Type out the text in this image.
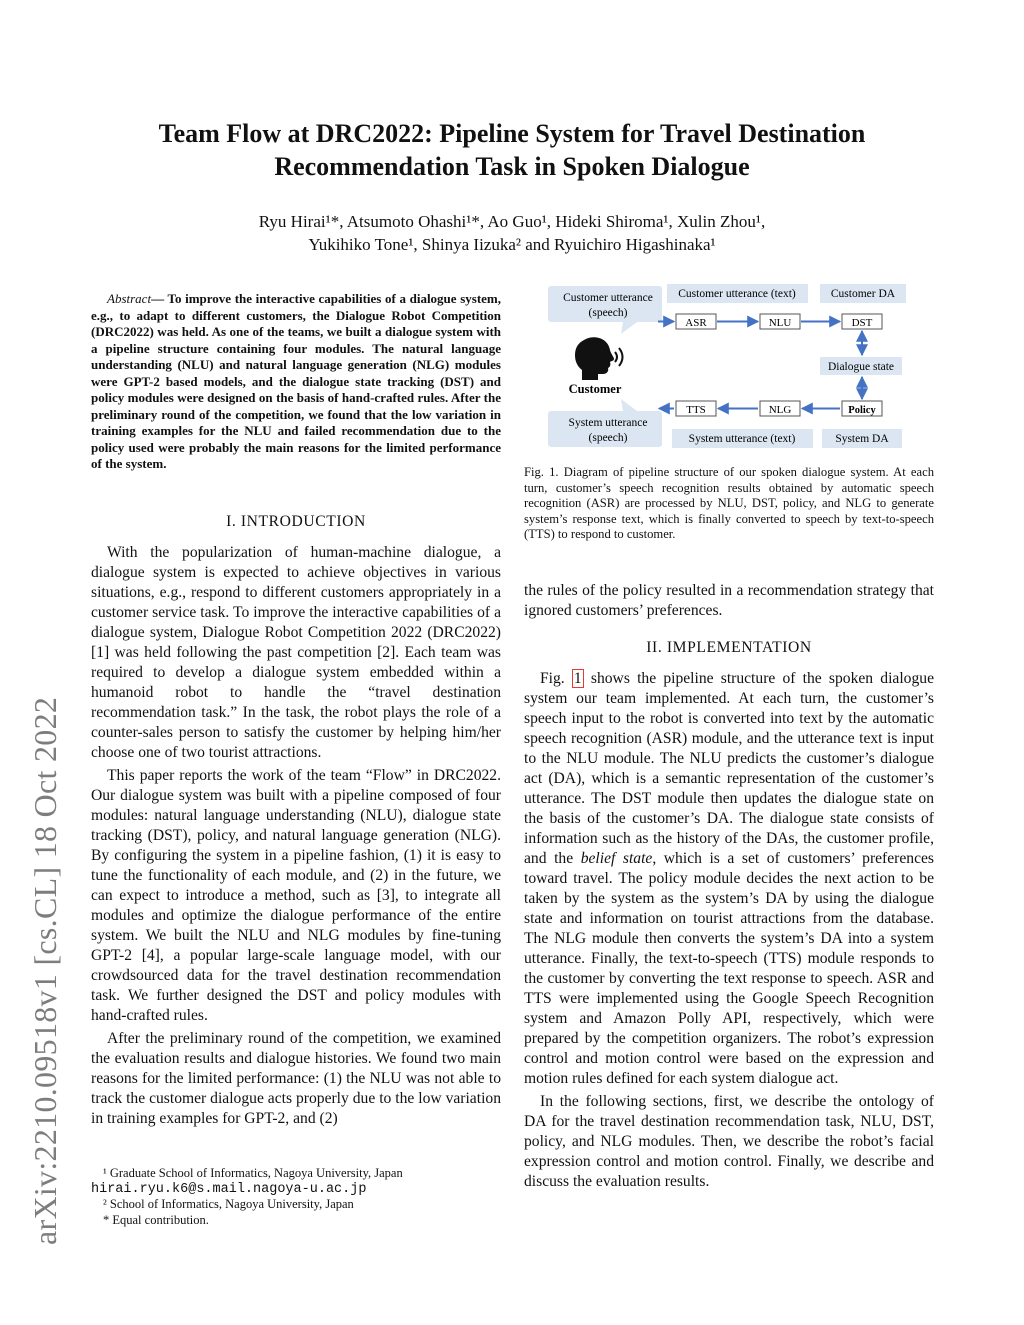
arXiv:2210.09518v1 [cs.CL] 18 Oct 2022
Team Flow at DRC2022: Pipeline System for Travel Destination
Recommendation Task in Spoken Dialogue
Ryu Hirai¹*, Atsumoto Ohashi¹*, Ao Guo¹, Hideki Shiroma¹, Xulin Zhou¹,
Yukihiko Tone¹, Shinya Iizuka² and Ryuichiro Higashinaka¹
Abstract— To improve the interactive capabilities of a dialogue system, e.g., to adapt to different customers, the Dialogue Robot Competition (DRC2022) was held. As one of the teams, we built a dialogue system with a pipeline structure containing four modules. The natural language understanding (NLU) and natural language generation (NLG) modules were GPT-2 based models, and the dialogue state tracking (DST) and policy modules were designed on the basis of hand-crafted rules. After the preliminary round of the competition, we found that the low variation in training examples for the NLU and failed recommendation due to the policy used were probably the main reasons for the limited performance of the system.
I. INTRODUCTION

With the popularization of human-machine dialogue, a dialogue system is expected to achieve objectives in various situations, e.g., respond to different customers appropriately in a customer service task. To improve the interactive capabilities of a dialogue system, Dialogue Robot Competition 2022 (DRC2022) [1] was held following the past competition [2]. Each team was required to develop a dialogue system embedded within a humanoid robot to handle the “travel destination recommendation task.” In the task, the robot plays the role of a counter-sales person to satisfy the customer by helping him/her choose one of two tourist attractions.

This paper reports the work of the team “Flow” in DRC2022. Our dialogue system was built with a pipeline composed of four modules: natural language understanding (NLU), dialogue state tracking (DST), policy, and natural language generation (NLG). By configuring the system in a pipeline fashion, (1) it is easy to tune the functionality of each module, and (2) in the future, we can expect to introduce a method, such as [3], to integrate all modules and optimize the dialogue performance of the entire system. We built the NLU and NLG modules by fine-tuning GPT-2 [4], a popular large-scale language model, with our crowdsourced data for the travel destination recommendation task. We further designed the DST and policy modules with hand-crafted rules.

After the preliminary round of the competition, we examined the evaluation results and dialogue histories. We found two main reasons for the limited performance: (1) the NLU was not able to track the customer dialogue acts properly due to the low variation in training examples for GPT-2, and (2)

¹ Graduate School of Informatics, Nagoya University, Japan
hirai.ryu.k6@s.mail.nagoya-u.ac.jp
² School of Informatics, Nagoya University, Japan
* Equal contribution.
Customer utterance
(speech)
Customer utterance (text)	Customer DA
ASR	NLU	DST
Dialogue state
Customer
TTS	NLG	Policy
System utterance
(speech)	System utterance (text)	System DA
Fig. 1. Diagram of pipeline structure of our spoken dialogue system. At each turn, customer’s speech recognition results obtained by automatic speech recognition (ASR) are processed by NLU, DST, policy, and NLG to generate system’s response text, which is finally converted to speech by text-to-speech (TTS) to respond to customer.

the rules of the policy resulted in a recommendation strategy that ignored customers’ preferences.

II. IMPLEMENTATION

Fig. 1 shows the pipeline structure of the spoken dialogue system our team implemented. At each turn, the customer’s speech input to the robot is converted into text by the automatic speech recognition (ASR) module, and the utterance text is input to the NLU module. The NLU predicts the customer’s dialogue act (DA), which is a semantic representation of the customer’s utterance. The DST module then updates the dialogue state on the basis of the customer’s DA. The dialogue state consists of information such as the history of the DAs, the customer profile, and the belief state, which is a set of customers’ preferences toward travel. The policy module decides the next action to be taken by the system as the system’s DA by using the dialogue state and information on tourist attractions from the database. The NLG module then converts the system’s DA into a system utterance. Finally, the text-to-speech (TTS) module responds to the customer by converting the text response to speech. ASR and TTS were implemented using the Google Speech Recognition system and Amazon Polly API, respectively, which were prepared by the competition organizers. The robot’s expression control and motion control were based on the expression and motion rules defined for each system dialogue act.

In the following sections, first, we describe the ontology of DA for the travel destination recommendation task, NLU, DST, policy, and NLG modules. Then, we describe the robot’s facial expression control and motion control. Finally, we describe and discuss the evaluation results.
